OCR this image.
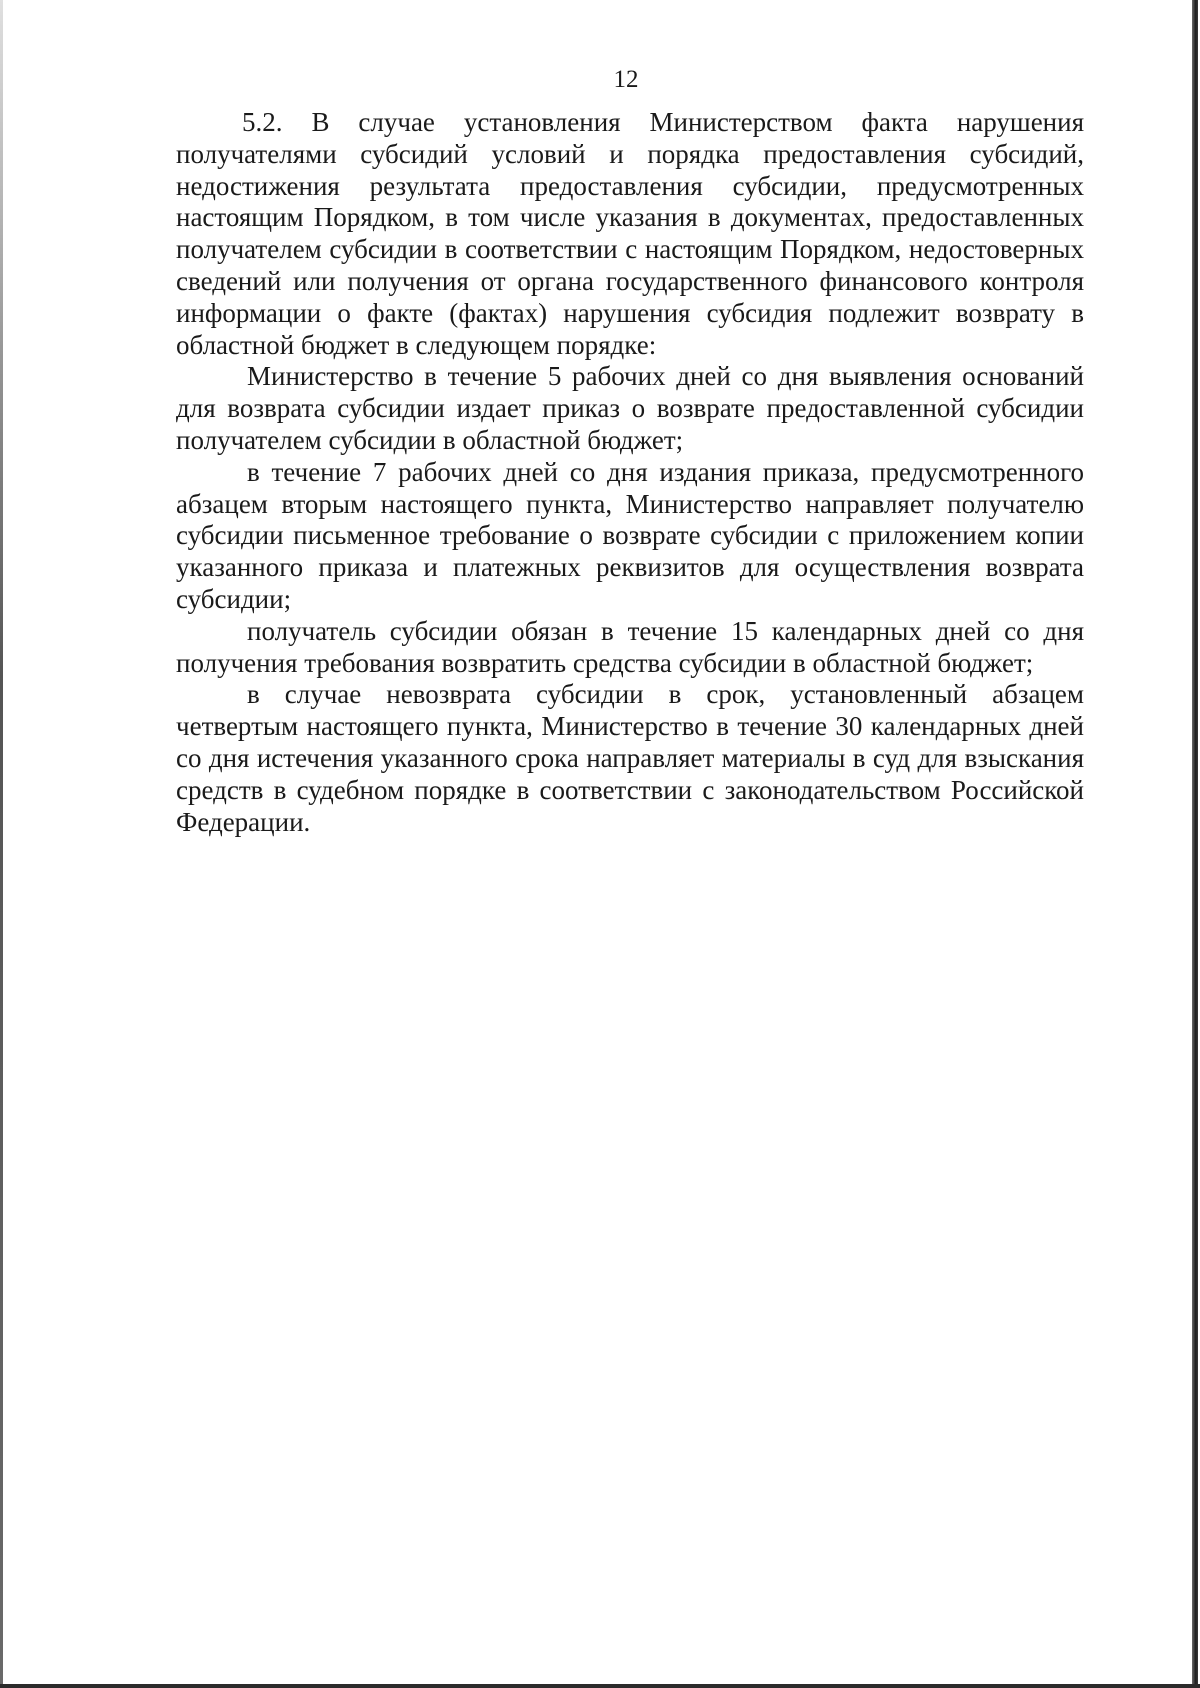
12

5.2. В случае установления Министерством факта нарушения получателями субсидий условий и порядка предоставления субсидий, недостижения результата предоставления субсидии, предусмотренных настоящим Порядком, в том числе указания в документах, предоставленных получателем субсидии в соответствии с настоящим Порядком, недостоверных сведений или получения от органа государственного финансового контроля информации о факте (фактах) нарушения субсидия подлежит возврату в областной бюджет в следующем порядке:

Министерство в течение 5 рабочих дней со дня выявления оснований для возврата субсидии издает приказ о возврате предоставленной субсидии получателем субсидии в областной бюджет;

в течение 7 рабочих дней со дня издания приказа, предусмотренного абзацем вторым настоящего пункта, Министерство направляет получателю субсидии письменное требование о возврате субсидии с приложением копии указанного приказа и платежных реквизитов для осуществления возврата субсидии;

получатель субсидии обязан в течение 15 календарных дней со дня получения требования возвратить средства субсидии в областной бюджет;

в случае невозврата субсидии в срок, установленный абзацем четвертым настоящего пункта, Министерство в течение 30 календарных дней со дня истечения указанного срока направляет материалы в суд для взыскания средств в судебном порядке в соответствии с законодательством Российской Федерации.
